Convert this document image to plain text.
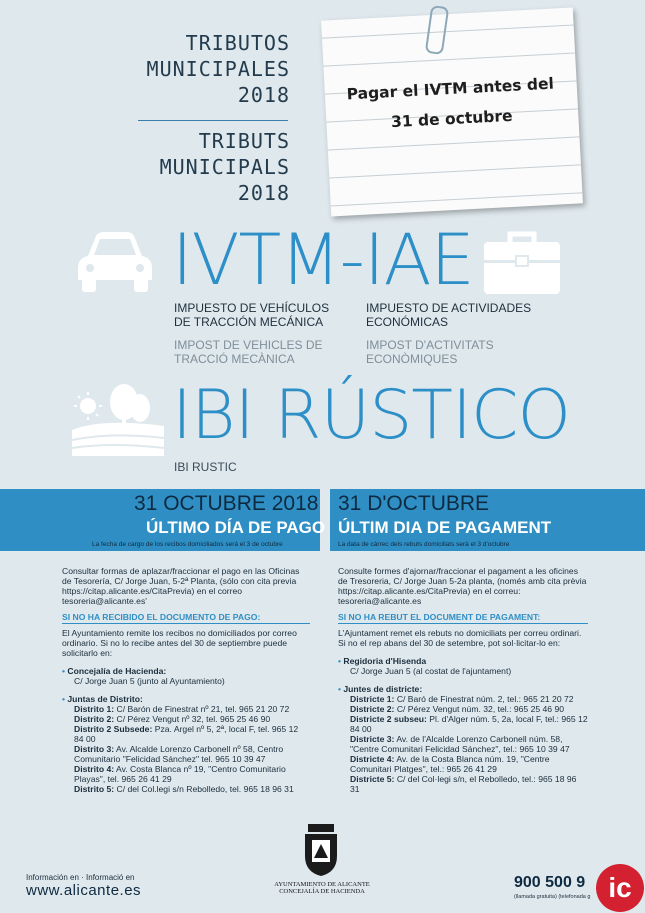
TRIBUTOS
MUNICIPALES
2018
TRIBUTS
MUNICIPALS
2018
Pagar el IVTM antes del
31 de octubre
IVTM-IAE
IMPUESTO DE VEHÍCULOS
DE TRACCIÓN MECÁNICA
IMPOST DE VEHICLES DE
TRACCIÓ MECÀNICA
IMPUESTO DE ACTIVIDADES
ECONÓMICAS
IMPOST D'ACTIVITATS
ECONÒMIQUES
IBI RÚSTICO
IBI RUSTIC
31 OCTUBRE 2018
ÚLTIMO DÍA DE PAGO
La fecha de cargo de los recibos domiciliados será el 3 de octubre
31 D'OCTUBRE
ÚLTIM DIA DE PAGAMENT
La data de càrrec dels rebuts domiciliats serà el 3 d'octubre

Consultar formas de aplazar/fraccionar el pago en las Oficinas de Tesorería, C/ Jorge Juan, 5-2ª Planta, (sólo con cita previa https://citap.alicante.es/CitaPrevia) en el correo tesoreria@alicante.es'

SI NO HA RECIBIDO EL DOCUMENTO DE PAGO:

El Ayuntamiento remite los recibos no domiciliados por correo ordinario. Si no lo recibe antes del 30 de septiembre puede solicitarlo en:

• Concejalía de Hacienda:

C/ Jorge Juan 5 (junto al Ayuntamiento)

• Juntas de Distrito:

Distrito 1: C/ Barón de Finestrat nº 21, tel. 965 21 20 72

Distrito 2: C/ Pérez Vengut nº 32, tel. 965 25 46 90

Distrito 2 Subsede: Pza. Argel nº 5, 2ª, local F, tel. 965 12 84 00

Distrito 3: Av. Alcalde Lorenzo Carbonell nº 58, Centro Comunitario "Felicidad Sánchez" tel. 965 10 39 47

Distrito 4: Av. Costa Blanca nº 19, "Centro Comunitario Playas", tel. 965 26 41 29

Distrito 5: C/ del Col.legi s/n Rebolledo, tel. 965 18 96 31

Consulte formes d'ajornar/fraccionar el pagament a les oficines de Tresoreria, C/ Jorge Juan 5-2a planta, (només amb cita prèvia https://citap.alicante.es/CitaPrevia) en el correu: tesoreria@alicante.es

SI NO HA REBUT EL DOCUMENT DE PAGAMENT:

L'Ajuntament remet els rebuts no domiciliats per correu ordinari. Si no el rep abans del 30 de setembre, pot sol·licitar-lo en:

• Regidoria d'Hisenda

C/ Jorge Juan 5 (al costat de l'ajuntament)

• Juntes de districte:

Districte 1: C/ Baró de Finestrat núm. 2, tel.: 965 21 20 72

Districte 2: C/ Pérez Vengut núm. 32, tel.: 965 25 46 90

Districte 2 subseu: Pl. d'Alger núm. 5, 2a, local F, tel.: 965 12 84 00

Districte 3: Av. de l'Alcalde Lorenzo Carbonell núm. 58, "Centre Comunitari Felicidad Sánchez", tel.: 965 10 39 47

Districte 4: Av. de la Costa Blanca núm. 19, "Centre Comunitari Platges", tel.: 965 26 41 29

Districte 5: C/ del Col·legi s/n, el Rebolledo, tel.: 965 18 96 31

Información en · Informació en
www.alicante.es	AYUNTAMIENTO DE ALICANTE
CONCEJALÍA DE HACIENDA
900 500 9
(llamada gratuita) (telefonada g ic
